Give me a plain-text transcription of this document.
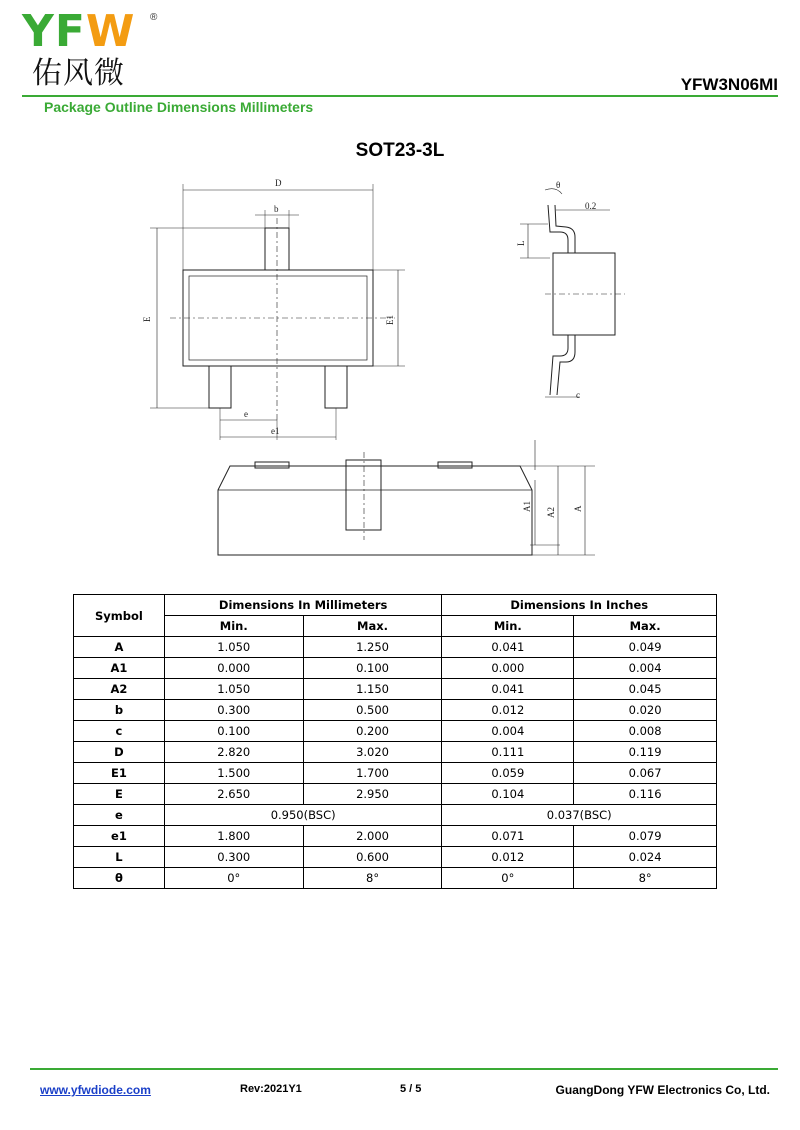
YFW ®
佑风微	YFW3N06MI
Package Outline Dimensions Millimeters
SOT23-3L
D
b
E	E1
e
e1
θ
0.2
L
c
A1
A2 A
Symbol	Dimensions In Millimeters		Dimensions In Inches	
	Min.	Max.	Min.	Max.
A	1.050	1.250	0.041	0.049
A1	0.000	0.100	0.000	0.004
A2	1.050	1.150	0.041	0.045
b	0.300	0.500	0.012	0.020
c	0.100	0.200	0.004	0.008
D	2.820	3.020	0.111	0.119
E1	1.500	1.700	0.059	0.067
E	2.650	2.950	0.104	0.116
e	0.950(BSC)		0.037(BSC)	
e1	1.800	2.000	0.071	0.079
L	0.300	0.600	0.012	0.024
θ	0°	8°	0°	8°
www.yfwdiode.com	Rev:2021Y1	5 / 5	GuangDong YFW Electronics Co, Ltd.
